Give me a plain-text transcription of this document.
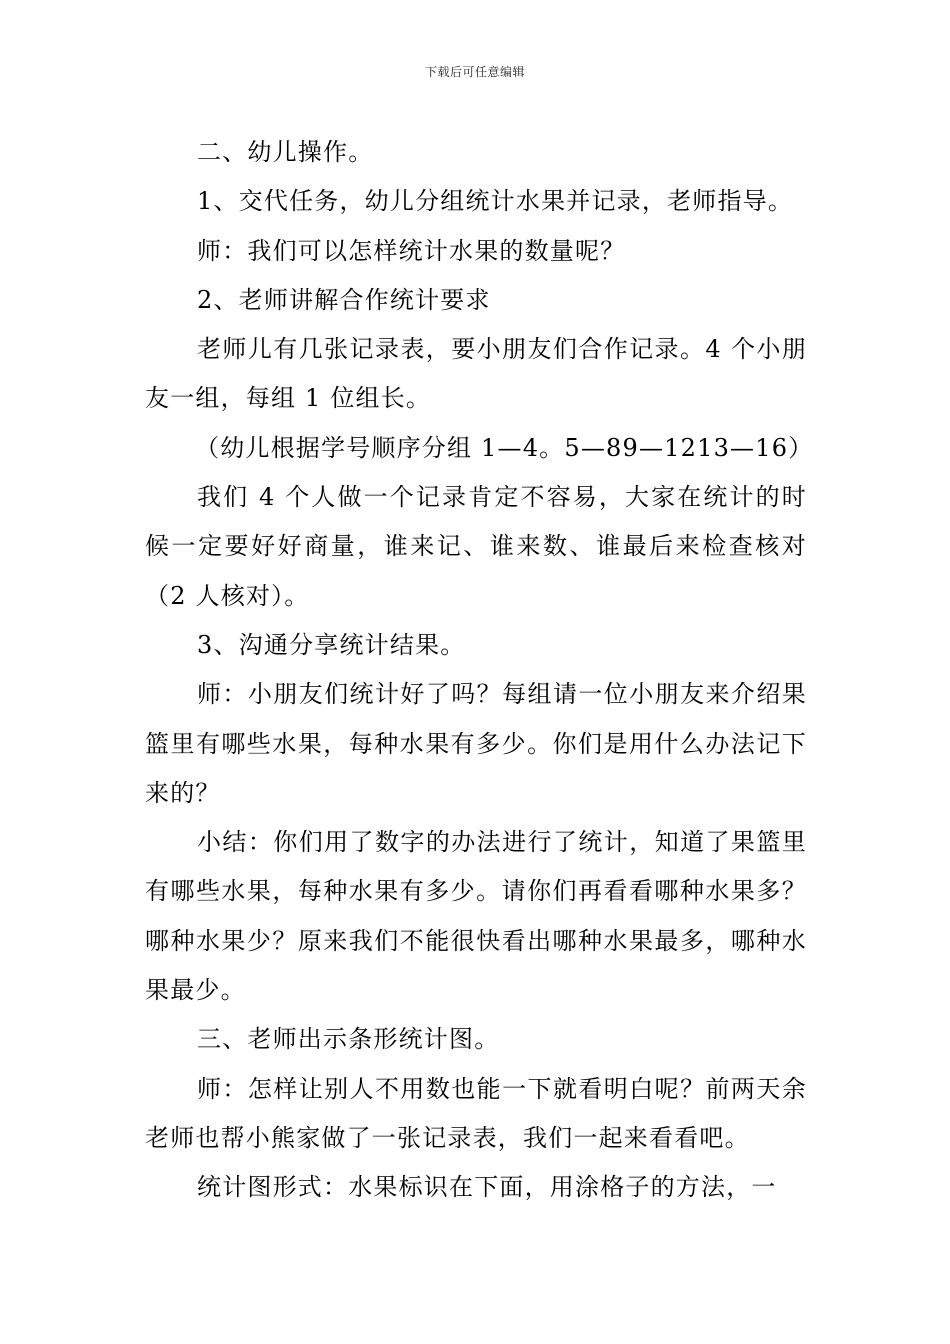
下载后可任意编辑

二、幼儿操作。

1、交代任务，幼儿分组统计水果并记录，老师指导。

师：我们可以怎样统计水果的数量呢？

2、老师讲解合作统计要求

老师儿有几张记录表，要小朋友们合作记录。4 个小朋友一组，每组 1 位组长。

（幼儿根据学号顺序分组 1—4。5—89—1213—16）

我们 4 个人做一个记录肯定不容易，大家在统计的时候一定要好好商量，谁来记、谁来数、谁最后来检查核对（2 人核对）。

3、沟通分享统计结果。

师：小朋友们统计好了吗？每组请一位小朋友来介绍果篮里有哪些水果，每种水果有多少。你们是用什么办法记下来的？

小结：你们用了数字的办法进行了统计，知道了果篮里有哪些水果，每种水果有多少。请你们再看看哪种水果多？哪种水果少？原来我们不能很快看出哪种水果最多，哪种水果最少。

三、老师出示条形统计图。

师：怎样让别人不用数也能一下就看明白呢？前两天余老师也帮小熊家做了一张记录表，我们一起来看看吧。

统计图形式：水果标识在下面，用涂格子的方法，一
